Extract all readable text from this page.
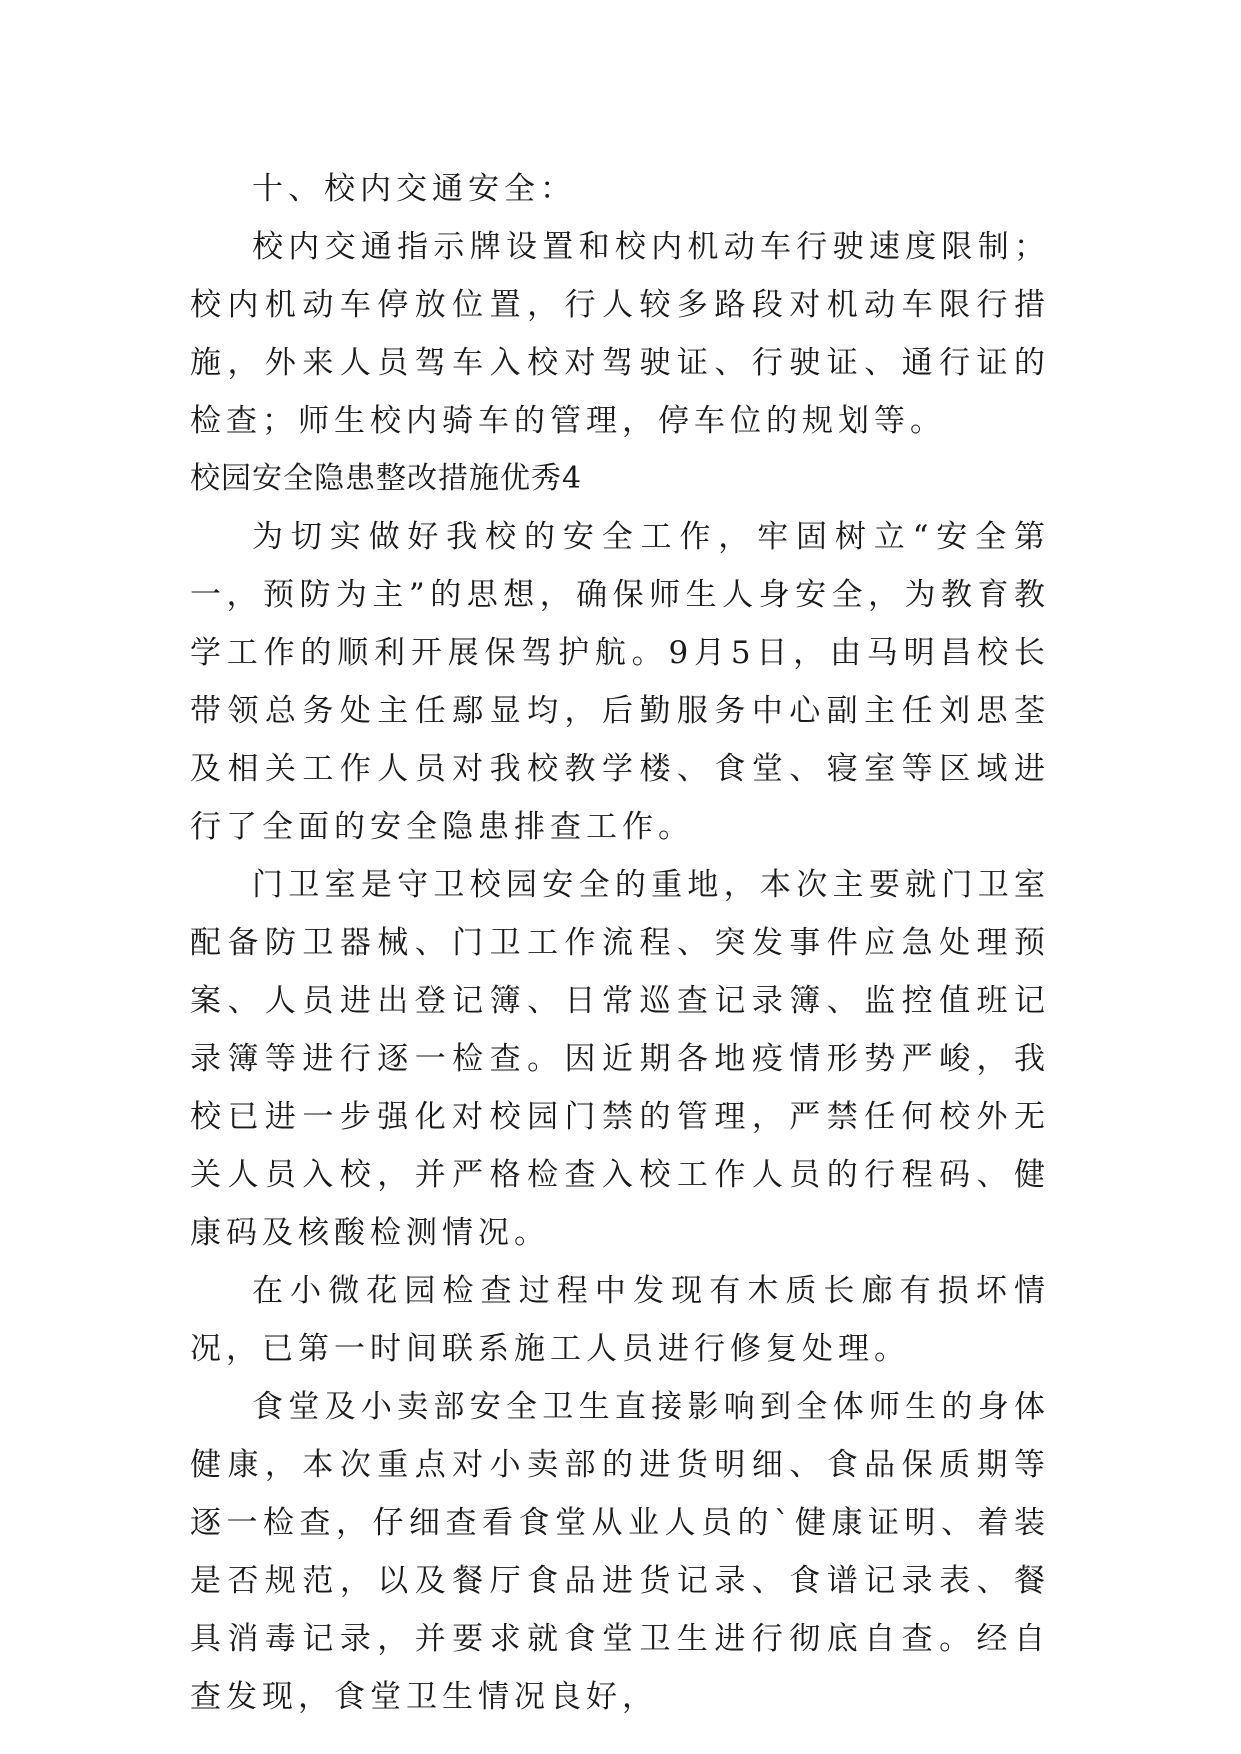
十、校内交通安全：

校内交通指示牌设置和校内机动车行驶速度限制；校内机动车停放位置，行人较多路段对机动车限行措施，外来人员驾车入校对驾驶证、行驶证、通行证的检查；师生校内骑车的管理，停车位的规划等。

校园安全隐患整改措施优秀4

为切实做好我校的安全工作，牢固树立“安全第一，预防为主”的思想，确保师生人身安全，为教育教学工作的顺利开展保驾护航。9月5日，由马明昌校长带领总务处主任鄢显均，后勤服务中心副主任刘思荃及相关工作人员对我校教学楼、食堂、寝室等区域进行了全面的安全隐患排查工作。

门卫室是守卫校园安全的重地，本次主要就门卫室配备防卫器械、门卫工作流程、突发事件应急处理预案、人员进出登记簿、日常巡查记录簿、监控值班记录簿等进行逐一检查。因近期各地疫情形势严峻，我校已进一步强化对校园门禁的管理，严禁任何校外无关人员入校，并严格检查入校工作人员的行程码、健康码及核酸检测情况。

在小微花园检查过程中发现有木质长廊有损坏情况，已第一时间联系施工人员进行修复处理。

食堂及小卖部安全卫生直接影响到全体师生的身体健康，本次重点对小卖部的进货明细、食品保质期等逐一检查，仔细查看食堂从业人员的`健康证明、着装是否规范，以及餐厅食品进货记录、食谱记录表、餐具消毒记录，并要求就食堂卫生进行彻底自查。经自查发现，食堂卫生情况良好，
